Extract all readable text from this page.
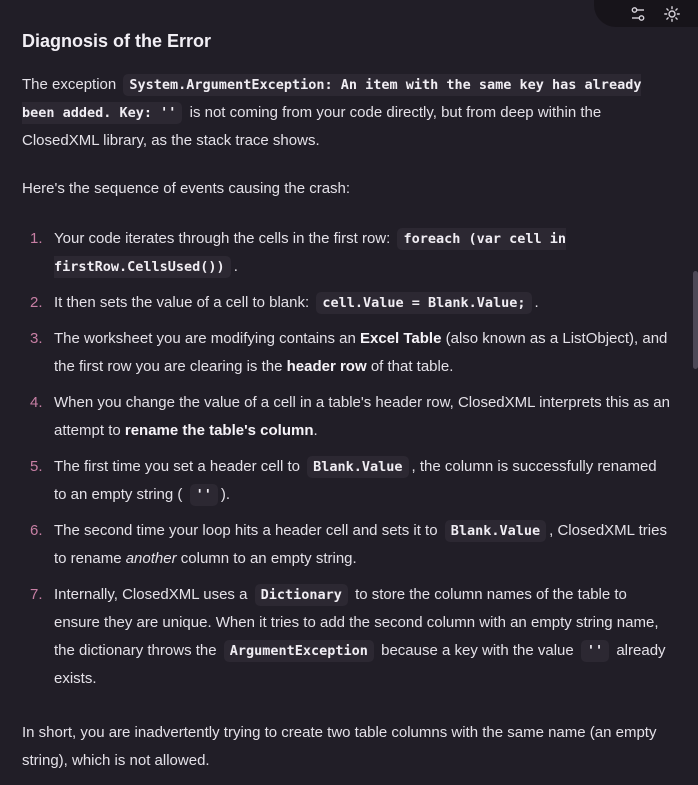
Diagnosis of the Error

The exception System.ArgumentException: An item with the same key has already been added. Key: '' is not coming from your code directly, but from deep within the ClosedXML library, as the stack trace shows.

Here's the sequence of events causing the crash:

1. Your code iterates through the cells in the first row: foreach (var cell in firstRow.CellsUsed()) .
2. It then sets the value of a cell to blank: cell.Value = Blank.Value; .
3. The worksheet you are modifying contains an Excel Table (also known as a ListObject), and the first row you are clearing is the header row of that table.
4. When you change the value of a cell in a table's header row, ClosedXML interprets this as an attempt to rename the table's column.
5. The first time you set a header cell to Blank.Value , the column is successfully renamed to an empty string ( '' ).
6. The second time your loop hits a header cell and sets it to Blank.Value , ClosedXML tries to rename another column to an empty string.
7. Internally, ClosedXML uses a Dictionary to store the column names of the table to ensure they are unique. When it tries to add the second column with an empty string name, the dictionary throws the ArgumentException because a key with the value '' already exists.

In short, you are inadvertently trying to create two table columns with the same name (an empty string), which is not allowed.
